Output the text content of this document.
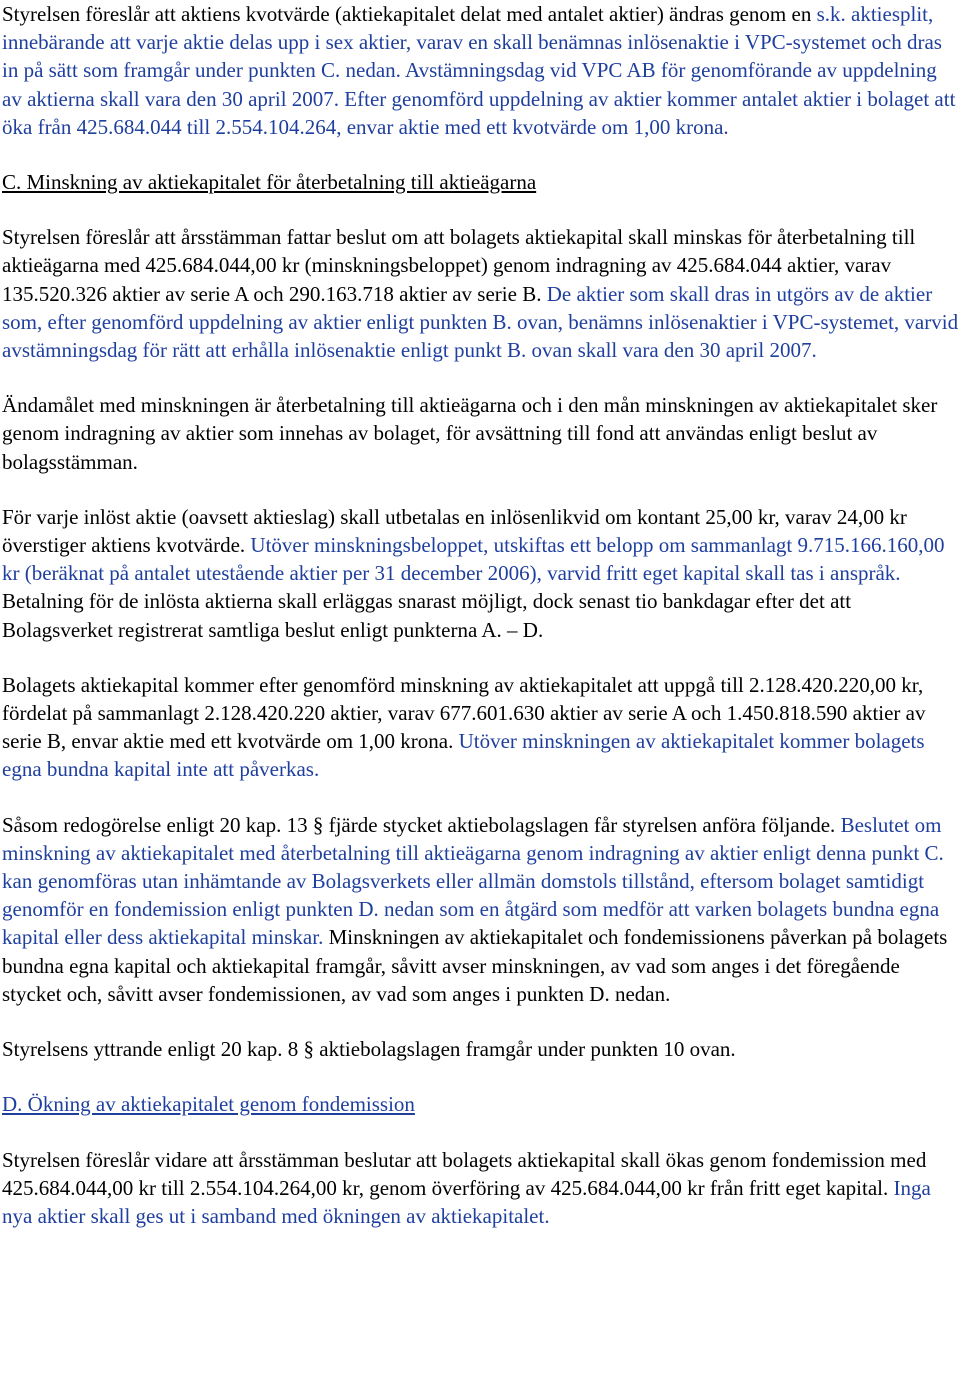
Styrelsen föreslår att aktiens kvotvärde (aktiekapitalet delat med antalet aktier) ändras genom en s.k. aktiesplit, innebärande att varje aktie delas upp i sex aktier, varav en skall benämnas inlösenaktie i VPC-systemet och dras in på sätt som framgår under punkten C. nedan. Avstämningsdag vid VPC AB för genomförande av uppdelning av aktierna skall vara den 30 april 2007. Efter genomförd uppdelning av aktier kommer antalet aktier i bolaget att öka från 425.684.044 till 2.554.104.264, envar aktie med ett kvotvärde om 1,00 krona.

C. Minskning av aktiekapitalet för återbetalning till aktieägarna

Styrelsen föreslår att årsstämman fattar beslut om att bolagets aktiekapital skall minskas för återbetalning till aktieägarna med 425.684.044,00 kr (minskningsbeloppet) genom indragning av 425.684.044 aktier, varav 135.520.326 aktier av serie A och 290.163.718 aktier av serie B. De aktier som skall dras in utgörs av de aktier som, efter genomförd uppdelning av aktier enligt punkten B. ovan, benämns inlösenaktier i VPC-systemet, varvid avstämningsdag för rätt att erhålla inlösenaktie enligt punkt B. ovan skall vara den 30 april 2007.

Ändamålet med minskningen är återbetalning till aktieägarna och i den mån minskningen av aktiekapitalet sker genom indragning av aktier som innehas av bolaget, för avsättning till fond att användas enligt beslut av bolagsstämman.

För varje inlöst aktie (oavsett aktieslag) skall utbetalas en inlösenlikvid om kontant 25,00 kr, varav 24,00 kr överstiger aktiens kvotvärde. Utöver minskningsbeloppet, utskiftas ett belopp om sammanlagt 9.715.166.160,00 kr (beräknat på antalet utestående aktier per 31 december 2006), varvid fritt eget kapital skall tas i anspråk. Betalning för de inlösta aktierna skall erläggas snarast möjligt, dock senast tio bankdagar efter det att Bolagsverket registrerat samtliga beslut enligt punkterna A. – D.

Bolagets aktiekapital kommer efter genomförd minskning av aktiekapitalet att uppgå till 2.128.420.220,00 kr, fördelat på sammanlagt 2.128.420.220 aktier, varav 677.601.630 aktier av serie A och 1.450.818.590 aktier av serie B, envar aktie med ett kvotvärde om 1,00 krona. Utöver minskningen av aktiekapitalet kommer bolagets egna bundna kapital inte att påverkas.

Såsom redogörelse enligt 20 kap. 13 § fjärde stycket aktiebolagslagen får styrelsen anföra följande. Beslutet om minskning av aktiekapitalet med återbetalning till aktieägarna genom indragning av aktier enligt denna punkt C. kan genomföras utan inhämtande av Bolagsverkets eller allmän domstols tillstånd, eftersom bolaget samtidigt genomför en fondemission enligt punkten D. nedan som en åtgärd som medför att varken bolagets bundna egna kapital eller dess aktiekapital minskar. Minskningen av aktiekapitalet och fondemissionens påverkan på bolagets bundna egna kapital och aktiekapital framgår, såvitt avser minskningen, av vad som anges i det föregående stycket och, såvitt avser fondemissionen, av vad som anges i punkten D. nedan.

Styrelsens yttrande enligt 20 kap. 8 § aktiebolagslagen framgår under punkten 10 ovan.

D. Ökning av aktiekapitalet genom fondemission

Styrelsen föreslår vidare att årsstämman beslutar att bolagets aktiekapital skall ökas genom fondemission med 425.684.044,00 kr till 2.554.104.264,00 kr, genom överföring av 425.684.044,00 kr från fritt eget kapital. Inga nya aktier skall ges ut i samband med ökningen av aktiekapitalet.
